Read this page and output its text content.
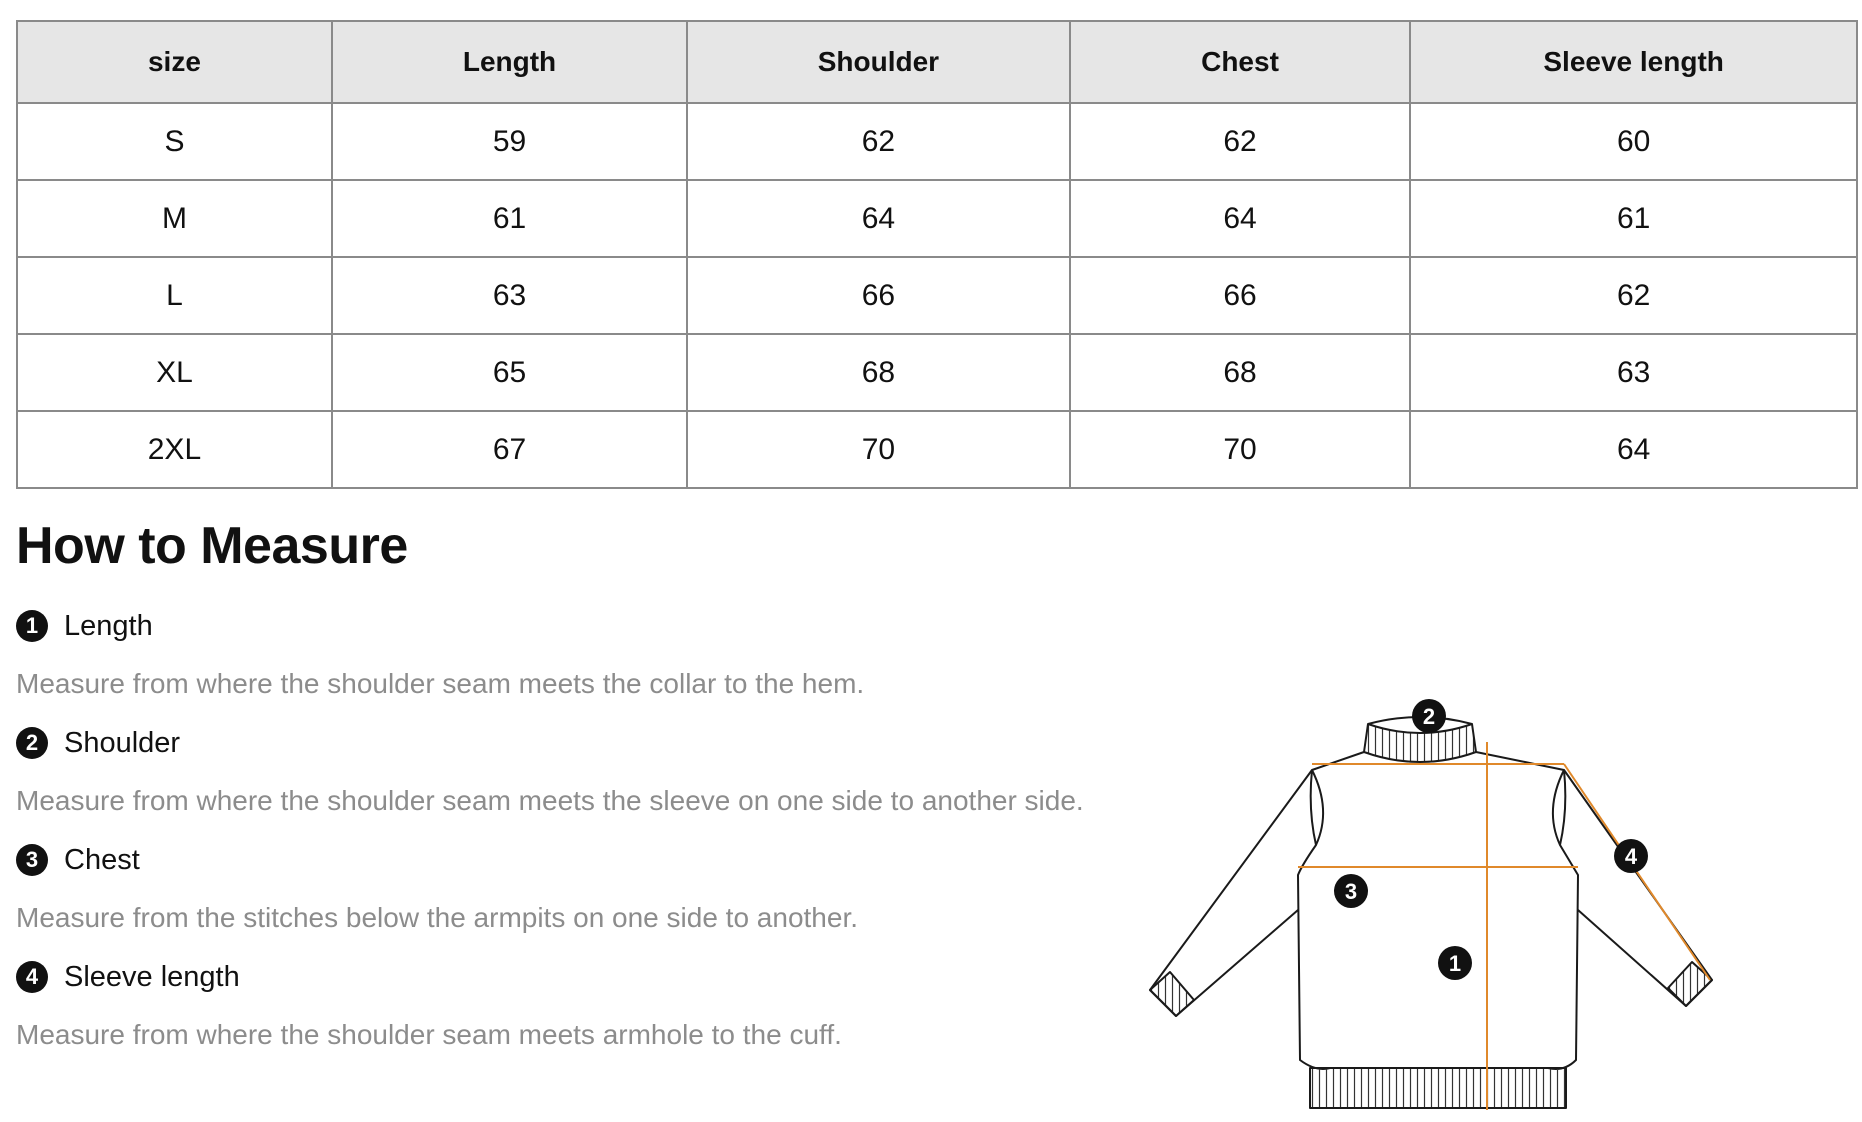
size	Length	Shoulder	Chest	Sleeve length
S	59	62	62	60
M	61	64	64	61
L	63	66	66	62
XL	65	68	68	63
2XL	67	70	70	64
How to Measure
1 Length
Measure from where the shoulder seam meets the collar to the hem.
2 Shoulder
Measure from where the shoulder seam meets the sleeve on one side to another side.
3 Chest
Measure from the stitches below the armpits on one side to another.
4 Sleeve length
Measure from where the shoulder seam meets armhole to the cuff.
2
3
1
4
